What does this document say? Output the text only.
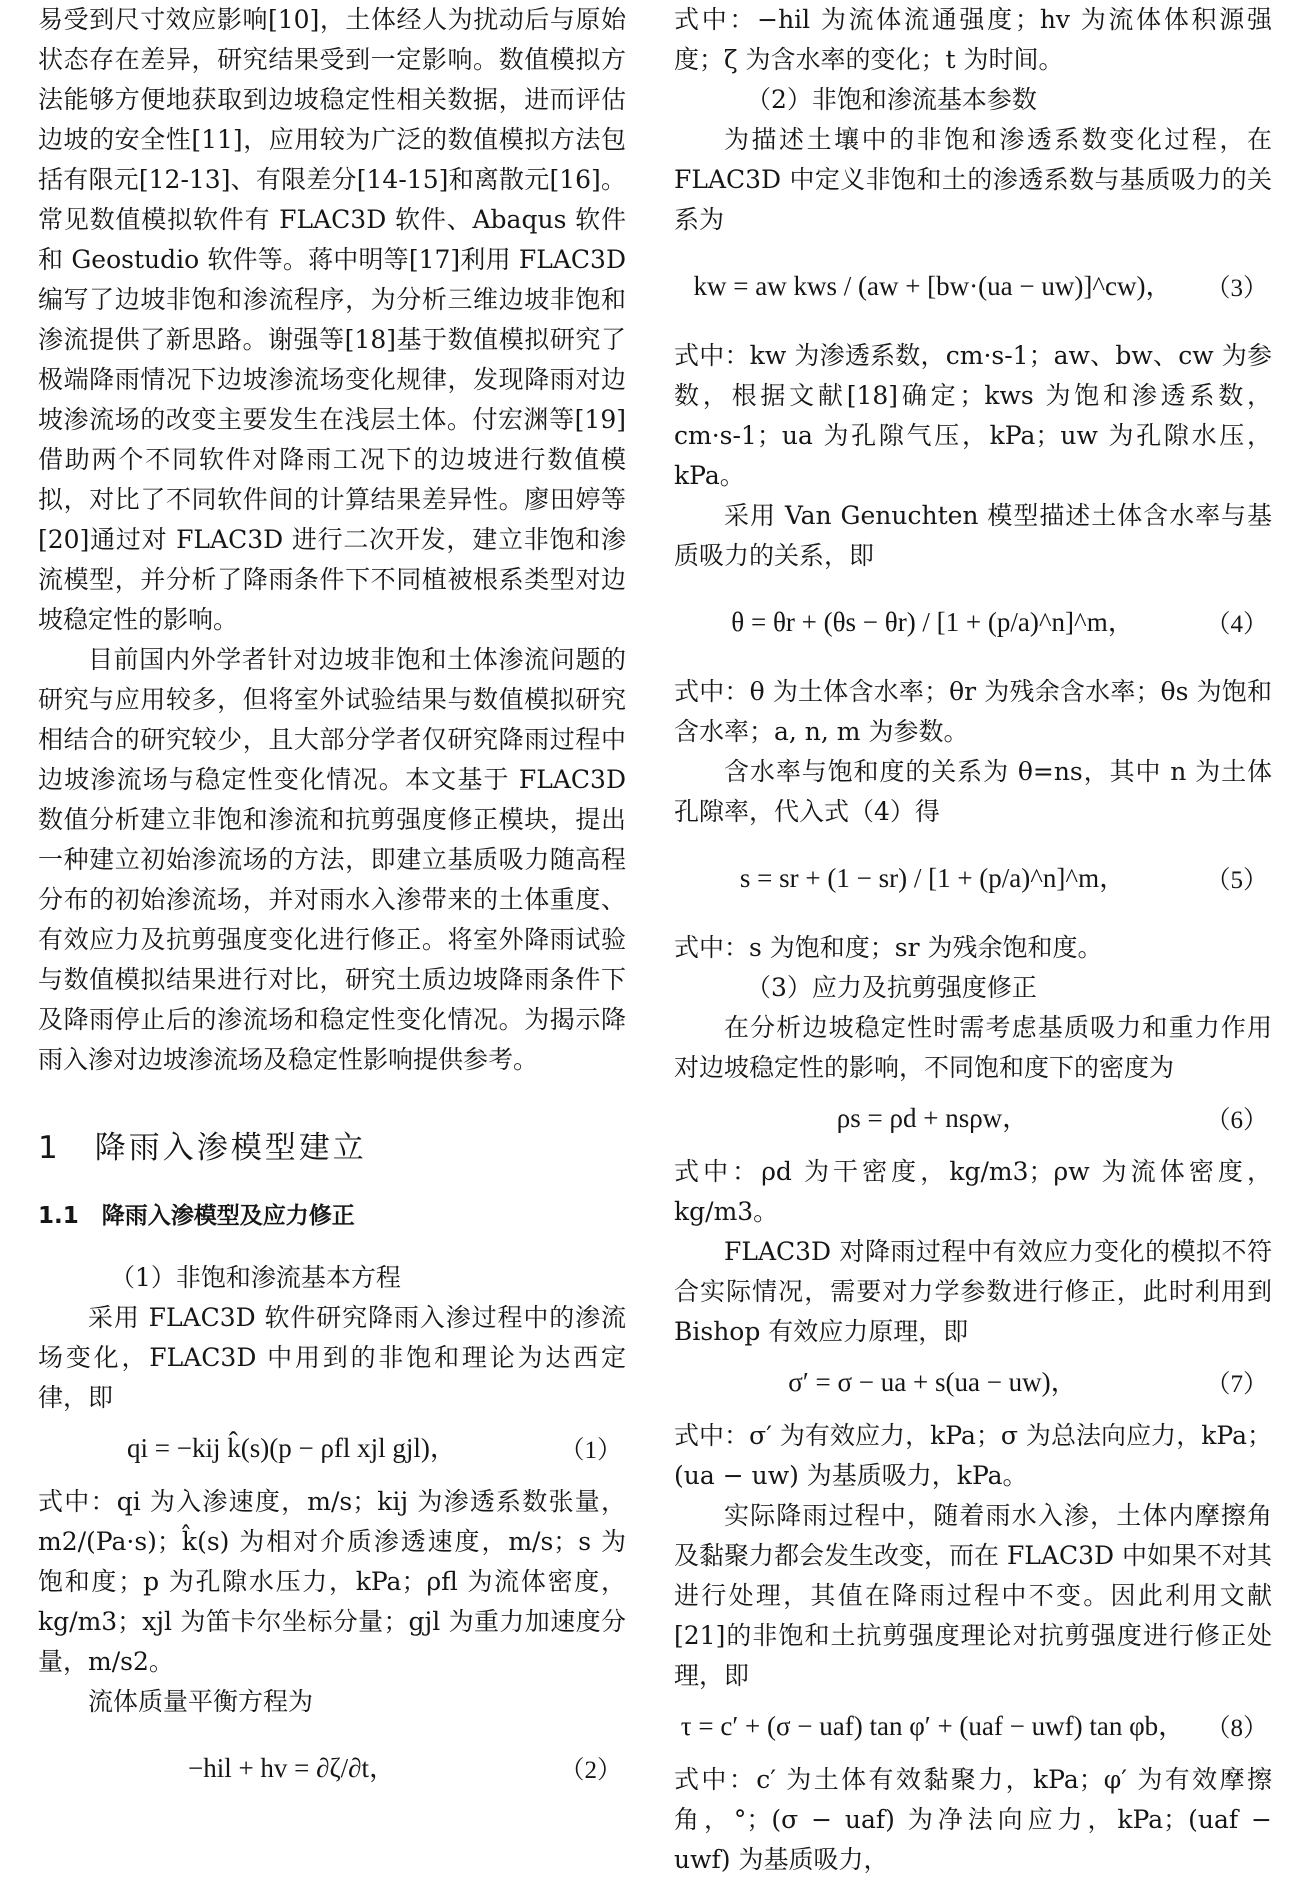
易受到尺寸效应影响[10]，土体经人为扰动后与原始状态存在差异，研究结果受到一定影响。数值模拟方法能够方便地获取到边坡稳定性相关数据，进而评估边坡的安全性[11]，应用较为广泛的数值模拟方法包括有限元[12-13]、有限差分[14-15]和离散元[16]。常见数值模拟软件有 FLAC3D 软件、Abaqus 软件和 Geostudio 软件等。蒋中明等[17]利用 FLAC3D 编写了边坡非饱和渗流程序，为分析三维边坡非饱和渗流提供了新思路。谢强等[18]基于数值模拟研究了极端降雨情况下边坡渗流场变化规律，发现降雨对边坡渗流场的改变主要发生在浅层土体。付宏渊等[19]借助两个不同软件对降雨工况下的边坡进行数值模拟，对比了不同软件间的计算结果差异性。廖田婷等[20]通过对 FLAC3D 进行二次开发，建立非饱和渗流模型，并分析了降雨条件下不同植被根系类型对边坡稳定性的影响。

目前国内外学者针对边坡非饱和土体渗流问题的研究与应用较多，但将室外试验结果与数值模拟研究相结合的研究较少，且大部分学者仅研究降雨过程中边坡渗流场与稳定性变化情况。本文基于 FLAC3D 数值分析建立非饱和渗流和抗剪强度修正模块，提出一种建立初始渗流场的方法，即建立基质吸力随高程分布的初始渗流场，并对雨水入渗带来的土体重度、有效应力及抗剪强度变化进行修正。将室外降雨试验与数值模拟结果进行对比，研究土质边坡降雨条件下及降雨停止后的渗流场和稳定性变化情况。为揭示降雨入渗对边坡渗流场及稳定性影响提供参考。

1　降雨入渗模型建立
1.1　降雨入渗模型及应力修正
（1）非饱和渗流基本方程

采用 FLAC3D 软件研究降雨入渗过程中的渗流场变化，FLAC3D 中用到的非饱和理论为达西定律，即

qi = −kij k̂(s)(p − ρfl xjl gjl)，	（1）

式中：qi 为入渗速度，m/s；kij 为渗透系数张量，m2/(Pa·s)；k̂(s) 为相对介质渗透速度，m/s；s 为饱和度；p 为孔隙水压力，kPa；ρfl 为流体密度，kg/m3；xjl 为笛卡尔坐标分量；gjl 为重力加速度分量，m/s2。

流体质量平衡方程为

−hil + hv = ∂ζ/∂t，	（2）

式中：−hil 为流体流通强度；hv 为流体体积源强度；ζ 为含水率的变化；t 为时间。

（2）非饱和渗流基本参数

为描述土壤中的非饱和渗透系数变化过程，在 FLAC3D 中定义非饱和土的渗透系数与基质吸力的关系为

kw = aw kws / (aw + [bw·(ua − uw)]^cw)，	（3）

式中：kw 为渗透系数，cm·s-1；aw、bw、cw 为参数，根据文献[18]确定；kws 为饱和渗透系数，cm·s-1；ua 为孔隙气压，kPa；uw 为孔隙水压，kPa。

采用 Van Genuchten 模型描述土体含水率与基质吸力的关系，即

θ = θr + (θs − θr) / [1 + (p/a)^n]^m，	（4）

式中：θ 为土体含水率；θr 为残余含水率；θs 为饱和含水率；a, n, m 为参数。

含水率与饱和度的关系为 θ=ns，其中 n 为土体孔隙率，代入式（4）得

s = sr + (1 − sr) / [1 + (p/a)^n]^m，	（5）

式中：s 为饱和度；sr 为残余饱和度。

（3）应力及抗剪强度修正

在分析边坡稳定性时需考虑基质吸力和重力作用对边坡稳定性的影响，不同饱和度下的密度为

ρs = ρd + nsρw，	（6）

式中：ρd 为干密度，kg/m3；ρw 为流体密度，kg/m3。

FLAC3D 对降雨过程中有效应力变化的模拟不符合实际情况，需要对力学参数进行修正，此时利用到 Bishop 有效应力原理，即

σ′ = σ − ua + s(ua − uw)，	（7）

式中：σ′ 为有效应力，kPa；σ 为总法向应力，kPa；(ua − uw) 为基质吸力，kPa。

实际降雨过程中，随着雨水入渗，土体内摩擦角及黏聚力都会发生改变，而在 FLAC3D 中如果不对其进行处理，其值在降雨过程中不变。因此利用文献[21]的非饱和土抗剪强度理论对抗剪强度进行修正处理，即

τ = c′ + (σ − uaf) tan φ′ + (uaf − uwf) tan φb， （8）

式中：c′ 为土体有效黏聚力，kPa；φ′ 为有效摩擦角，°；(σ − uaf) 为净法向应力，kPa；(uaf − uwf) 为基质吸力，
